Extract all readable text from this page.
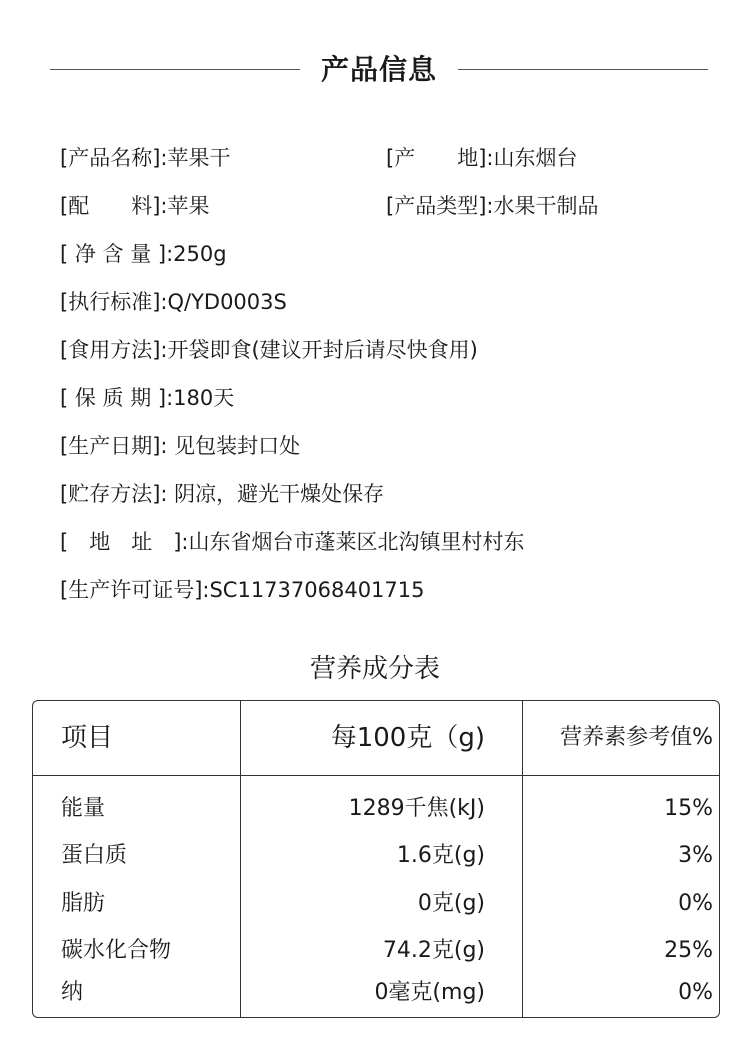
产品信息
[产品名称]:苹果干	[产　　地]:山东烟台
[配　　料]:苹果	[产品类型]:水果干制品
[ 净 含 量 ]:250g
[执行标准]:Q/YD0003S
[食用方法]:开袋即食(建议开封后请尽快食用)
[ 保 质 期 ]:180天
[生产日期]: 见包装封口处
[贮存方法]: 阴凉，避光干燥处保存
[　地　址　]:山东省烟台市蓬莱区北沟镇里村村东
[生产许可证号]:SC11737068401715
营养成分表
项目	每100克（g)	营养素参考值%
能量	1289千焦(kJ)	15%
蛋白质	1.6克(g)	3%
脂肪	0克(g)	0%
碳水化合物	74.2克(g)	25%
纳	0毫克(mg)	0%
